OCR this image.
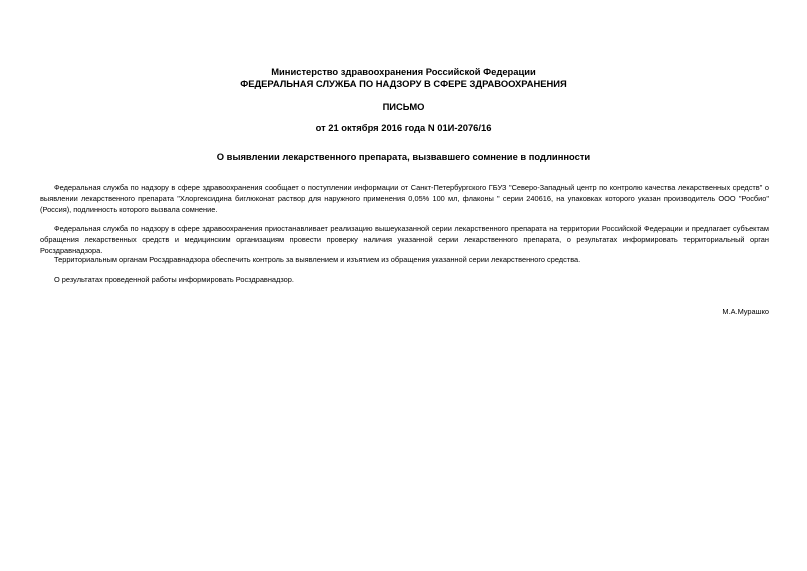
Министерство здравоохранения Российской Федерации
ФЕДЕРАЛЬНАЯ СЛУЖБА ПО НАДЗОРУ В СФЕРЕ ЗДРАВООХРАНЕНИЯ
ПИСЬМО
от 21 октября 2016 года N 01И-2076/16
О выявлении лекарственного препарата, вызвавшего сомнение в подлинности

Федеральная служба по надзору в сфере здравоохранения сообщает о поступлении информации от Санкт-Петербургского ГБУЗ "Северо-Западный центр по контролю качества лекарственных средств" о выявлении лекарственного препарата "Хлоргексидина биглюконат раствор для наружного применения 0,05% 100 мл, флаконы " серии 240616, на упаковках которого указан производитель ООО "Росбио" (Россия), подлинность которого вызвала сомнение.

Федеральная служба по надзору в сфере здравоохранения приостанавливает реализацию вышеуказанной серии лекарственного препарата на территории Российской Федерации и предлагает субъектам обращения лекарственных средств и медицинским организациям провести проверку наличия указанной серии лекарственного препарата, о результатах информировать территориальный орган Росздравнадзора.

Территориальным органам Росздравнадзора обеспечить контроль за выявлением и изъятием из обращения указанной серии лекарственного средства.

О результатах проведенной работы информировать Росздравнадзор.

М.А.Мурашко
